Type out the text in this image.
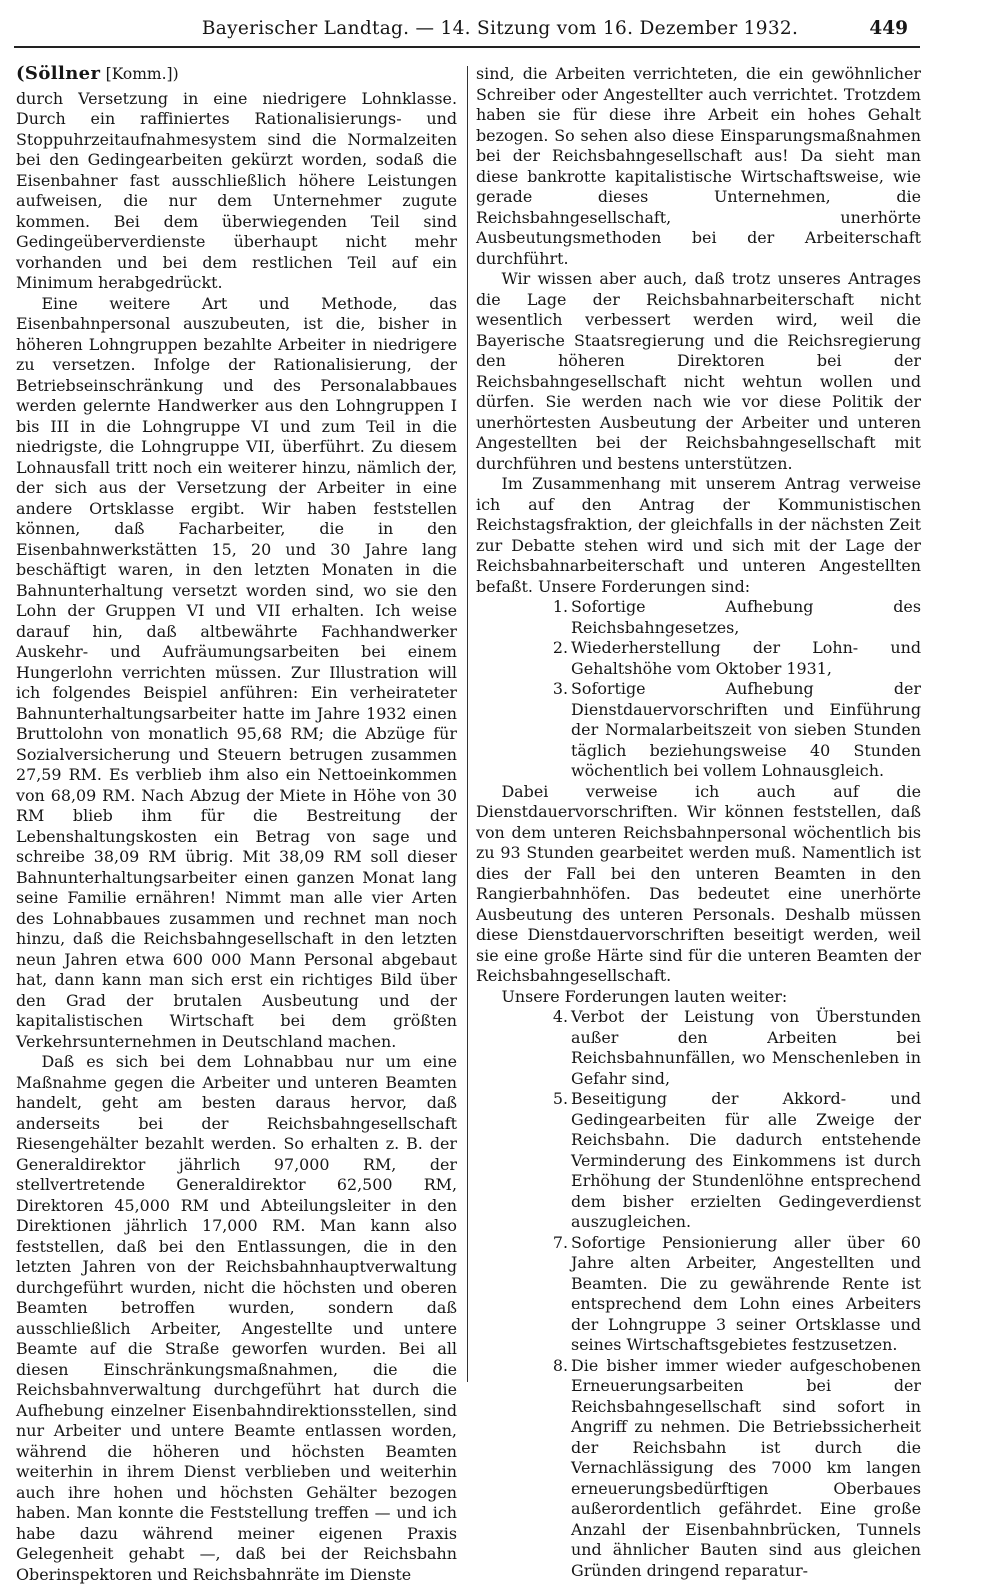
Bayerischer Landtag. — 14. Sitzung vom 16. Dezember 1932.	449
(Söllner [Komm.])

durch Versetzung in eine niedrigere Lohnklasse. Durch ein raffiniertes Rationalisierungs- und Stoppuhrzeitaufnahmesystem sind die Normalzeiten bei den Gedingearbeiten gekürzt worden, sodaß die Eisenbahner fast ausschließlich höhere Leistungen aufweisen, die nur dem Unternehmer zugute kommen. Bei dem überwiegenden Teil sind Gedingeüberverdienste überhaupt nicht mehr vorhanden und bei dem restlichen Teil auf ein Minimum herabgedrückt.

Eine weitere Art und Methode, das Eisenbahnpersonal auszubeuten, ist die, bisher in höheren Lohngruppen bezahlte Arbeiter in niedrigere zu versetzen. Infolge der Rationalisierung, der Betriebseinschränkung und des Personalabbaues werden gelernte Handwerker aus den Lohngruppen I bis III in die Lohngruppe VI und zum Teil in die niedrigste, die Lohngruppe VII, überführt. Zu diesem Lohnausfall tritt noch ein weiterer hinzu, nämlich der, der sich aus der Versetzung der Arbeiter in eine andere Ortsklasse ergibt. Wir haben feststellen können, daß Facharbeiter, die in den Eisenbahnwerkstätten 15, 20 und 30 Jahre lang beschäftigt waren, in den letzten Monaten in die Bahnunterhaltung versetzt worden sind, wo sie den Lohn der Gruppen VI und VII erhalten. Ich weise darauf hin, daß altbewährte Fachhandwerker Auskehr- und Aufräumungsarbeiten bei einem Hungerlohn verrichten müssen. Zur Illustration will ich folgendes Beispiel anführen: Ein verheirateter Bahnunterhaltungsarbeiter hatte im Jahre 1932 einen Bruttolohn von monatlich 95,68 RM; die Abzüge für Sozialversicherung und Steuern betrugen zusammen 27,59 RM. Es verblieb ihm also ein Nettoeinkommen von 68,09 RM. Nach Abzug der Miete in Höhe von 30 RM blieb ihm für die Bestreitung der Lebenshaltungskosten ein Betrag von sage und schreibe 38,09 RM übrig. Mit 38,09 RM soll dieser Bahnunterhaltungsarbeiter einen ganzen Monat lang seine Familie ernähren! Nimmt man alle vier Arten des Lohnabbaues zusammen und rechnet man noch hinzu, daß die Reichsbahngesellschaft in den letzten neun Jahren etwa 600 000 Mann Personal abgebaut hat, dann kann man sich erst ein richtiges Bild über den Grad der brutalen Ausbeutung und der kapitalistischen Wirtschaft bei dem größten Verkehrsunternehmen in Deutschland machen.

Daß es sich bei dem Lohnabbau nur um eine Maßnahme gegen die Arbeiter und unteren Beamten handelt, geht am besten daraus hervor, daß anderseits bei der Reichsbahngesellschaft Riesengehälter bezahlt werden. So erhalten z. B. der Generaldirektor jährlich 97,000 RM, der stellvertretende Generaldirektor 62,500 RM, Direktoren 45,000 RM und Abteilungsleiter in den Direktionen jährlich 17,000 RM. Man kann also feststellen, daß bei den Entlassungen, die in den letzten Jahren von der Reichsbahnhauptverwaltung durchgeführt wurden, nicht die höchsten und oberen Beamten betroffen wurden, sondern daß ausschließlich Arbeiter, Angestellte und untere Beamte auf die Straße geworfen wurden. Bei all diesen Einschränkungsmaßnahmen, die die Reichsbahnverwaltung durchgeführt hat durch die Aufhebung einzelner Eisenbahndirektionsstellen, sind nur Arbeiter und untere Beamte entlassen worden, während die höheren und höchsten Beamten weiterhin in ihrem Dienst verblieben und weiterhin auch ihre hohen und höchsten Gehälter bezogen haben. Man konnte die Feststellung treffen — und ich habe dazu während meiner eigenen Praxis Gelegenheit gehabt —, daß bei der Reichsbahn Oberinspektoren und Reichsbahnräte im Dienste

sind, die Arbeiten verrichteten, die ein gewöhnlicher Schreiber oder Angestellter auch verrichtet. Trotzdem haben sie für diese ihre Arbeit ein hohes Gehalt bezogen. So sehen also diese Einsparungsmaßnahmen bei der Reichsbahngesellschaft aus! Da sieht man diese bankrotte kapitalistische Wirtschaftsweise, wie gerade dieses Unternehmen, die Reichsbahngesellschaft, unerhörte Ausbeutungsmethoden bei der Arbeiterschaft durchführt.

Wir wissen aber auch, daß trotz unseres Antrages die Lage der Reichsbahnarbeiterschaft nicht wesentlich verbessert werden wird, weil die Bayerische Staatsregierung und die Reichsregierung den höheren Direktoren bei der Reichsbahngesellschaft nicht wehtun wollen und dürfen. Sie werden nach wie vor diese Politik der unerhörtesten Ausbeutung der Arbeiter und unteren Angestellten bei der Reichsbahngesellschaft mit durchführen und bestens unterstützen.

Im Zusammenhang mit unserem Antrag verweise ich auf den Antrag der Kommunistischen Reichstagsfraktion, der gleichfalls in der nächsten Zeit zur Debatte stehen wird und sich mit der Lage der Reichsbahnarbeiterschaft und unteren Angestellten befaßt. Unsere Forderungen sind:

1. Sofortige Aufhebung des Reichsbahngesetzes,
2. Wiederherstellung der Lohn- und Gehaltshöhe vom Oktober 1931,
3. Sofortige Aufhebung der Dienstdauervorschriften und Einführung der Normalarbeitszeit von sieben Stunden täglich beziehungsweise 40 Stunden wöchentlich bei vollem Lohnausgleich.

Dabei verweise ich auch auf die Dienstdauervorschriften. Wir können feststellen, daß von dem unteren Reichsbahnpersonal wöchentlich bis zu 93 Stunden gearbeitet werden muß. Namentlich ist dies der Fall bei den unteren Beamten in den Rangierbahnhöfen. Das bedeutet eine unerhörte Ausbeutung des unteren Personals. Deshalb müssen diese Dienstdauervorschriften beseitigt werden, weil sie eine große Härte sind für die unteren Beamten der Reichsbahngesellschaft.

Unsere Forderungen lauten weiter:

4. Verbot der Leistung von Überstunden außer den Arbeiten bei Reichsbahnunfällen, wo Menschenleben in Gefahr sind,
5. Beseitigung der Akkord- und Gedingearbeiten für alle Zweige der Reichsbahn. Die dadurch entstehende Verminderung des Einkommens ist durch Erhöhung der Stundenlöhne entsprechend dem bisher erzielten Gedingeverdienst auszugleichen.
7. Sofortige Pensionierung aller über 60 Jahre alten Arbeiter, Angestellten und Beamten. Die zu gewährende Rente ist entsprechend dem Lohn eines Arbeiters der Lohngruppe 3 seiner Ortsklasse und seines Wirtschaftsgebietes festzusetzen.
8. Die bisher immer wieder aufgeschobenen Erneuerungsarbeiten bei der Reichsbahngesellschaft sind sofort in Angriff zu nehmen. Die Betriebssicherheit der Reichsbahn ist durch die Vernachlässigung des 7000 km langen erneuerungsbedürftigen Oberbaues außerordentlich gefährdet. Eine große Anzahl der Eisenbahnbrücken, Tunnels und ähnlicher Bauten sind aus gleichen Gründen dringend reparatur-
